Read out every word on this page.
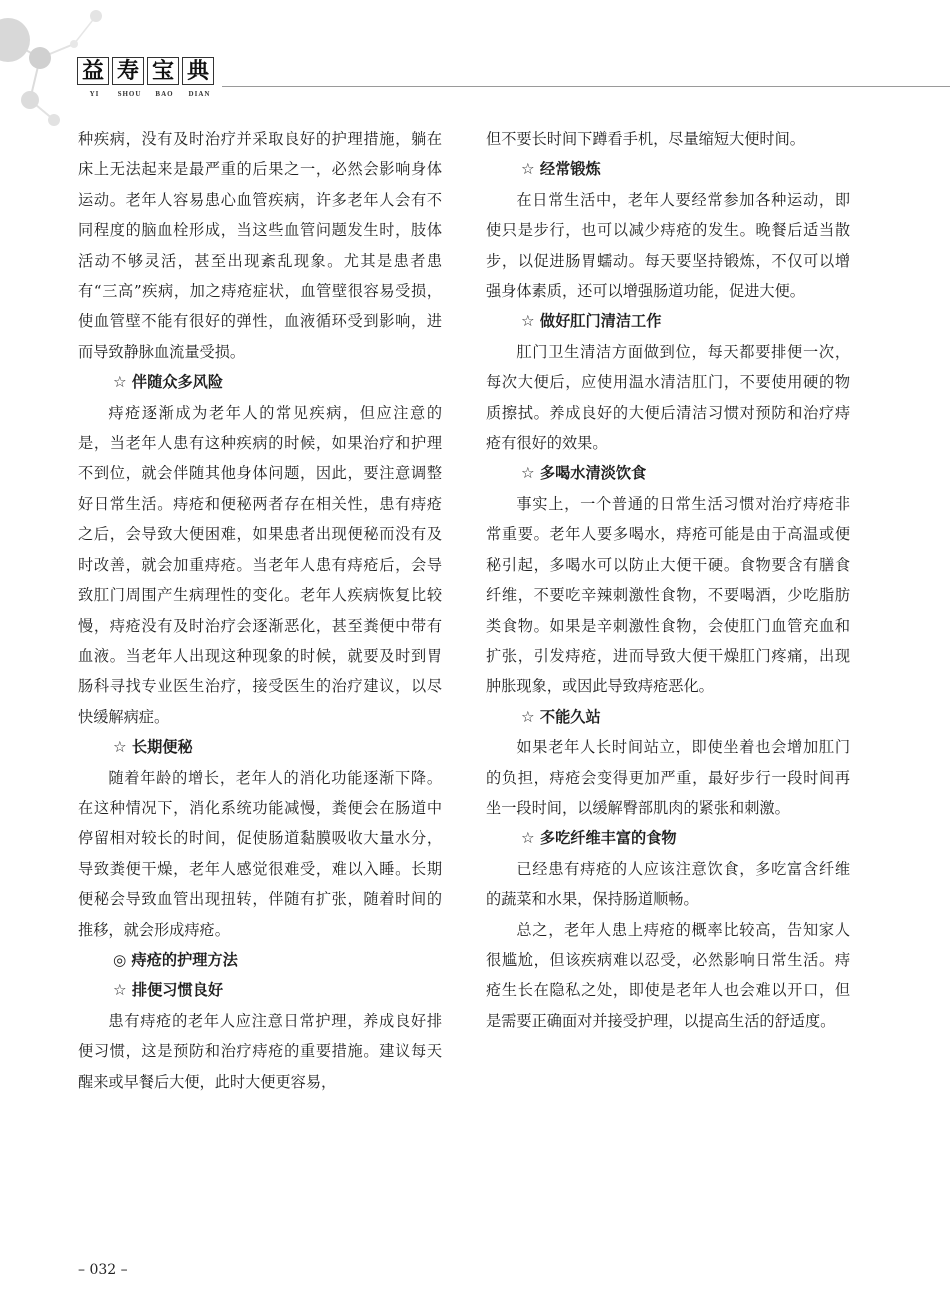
益 寿 宝 典
YI	SHOU	BAO	DIAN

种疾病，没有及时治疗并采取良好的护理措施，躺在床上无法起来是最严重的后果之一，必然会影响身体运动。老年人容易患心血管疾病，许多老年人会有不同程度的脑血栓形成，当这些血管问题发生时，肢体活动不够灵活，甚至出现紊乱现象。尤其是患者患有“三高”疾病，加之痔疮症状，血管壁很容易受损，使血管壁不能有很好的弹性，血液循环受到影响，进而导致静脉血流量受损。

☆ 伴随众多风险

痔疮逐渐成为老年人的常见疾病，但应注意的是，当老年人患有这种疾病的时候，如果治疗和护理不到位，就会伴随其他身体问题，因此，要注意调整好日常生活。痔疮和便秘两者存在相关性，患有痔疮之后，会导致大便困难，如果患者出现便秘而没有及时改善，就会加重痔疮。当老年人患有痔疮后，会导致肛门周围产生病理性的变化。老年人疾病恢复比较慢，痔疮没有及时治疗会逐渐恶化，甚至粪便中带有血液。当老年人出现这种现象的时候，就要及时到胃肠科寻找专业医生治疗，接受医生的治疗建议，以尽快缓解病症。

☆ 长期便秘

随着年龄的增长，老年人的消化功能逐渐下降。在这种情况下，消化系统功能减慢，粪便会在肠道中停留相对较长的时间，促使肠道黏膜吸收大量水分，导致粪便干燥，老年人感觉很难受，难以入睡。长期便秘会导致血管出现扭转，伴随有扩张，随着时间的推移，就会形成痔疮。

◎ 痔疮的护理方法
☆ 排便习惯良好

患有痔疮的老年人应注意日常护理，养成良好排便习惯，这是预防和治疗痔疮的重要措施。建议每天醒来或早餐后大便，此时大便更容易，

但不要长时间下蹲看手机，尽量缩短大便时间。

☆ 经常锻炼

在日常生活中，老年人要经常参加各种运动，即使只是步行，也可以减少痔疮的发生。晚餐后适当散步，以促进肠胃蠕动。每天要坚持锻炼，不仅可以增强身体素质，还可以增强肠道功能，促进大便。

☆ 做好肛门清洁工作

肛门卫生清洁方面做到位，每天都要排便一次，每次大便后，应使用温水清洁肛门，不要使用硬的物质擦拭。养成良好的大便后清洁习惯对预防和治疗痔疮有很好的效果。

☆ 多喝水清淡饮食

事实上，一个普通的日常生活习惯对治疗痔疮非常重要。老年人要多喝水，痔疮可能是由于高温或便秘引起，多喝水可以防止大便干硬。食物要含有膳食纤维，不要吃辛辣刺激性食物，不要喝酒，少吃脂肪类食物。如果是辛刺激性食物，会使肛门血管充血和扩张，引发痔疮，进而导致大便干燥肛门疼痛，出现肿胀现象，或因此导致痔疮恶化。

☆ 不能久站

如果老年人长时间站立，即使坐着也会增加肛门的负担，痔疮会变得更加严重，最好步行一段时间再坐一段时间，以缓解臀部肌肉的紧张和刺激。

☆ 多吃纤维丰富的食物

已经患有痔疮的人应该注意饮食，多吃富含纤维的蔬菜和水果，保持肠道顺畅。

总之，老年人患上痔疮的概率比较高，告知家人很尴尬，但该疾病难以忍受，必然影响日常生活。痔疮生长在隐私之处，即使是老年人也会难以开口，但是需要正确面对并接受护理，以提高生活的舒适度。

– 032 –
